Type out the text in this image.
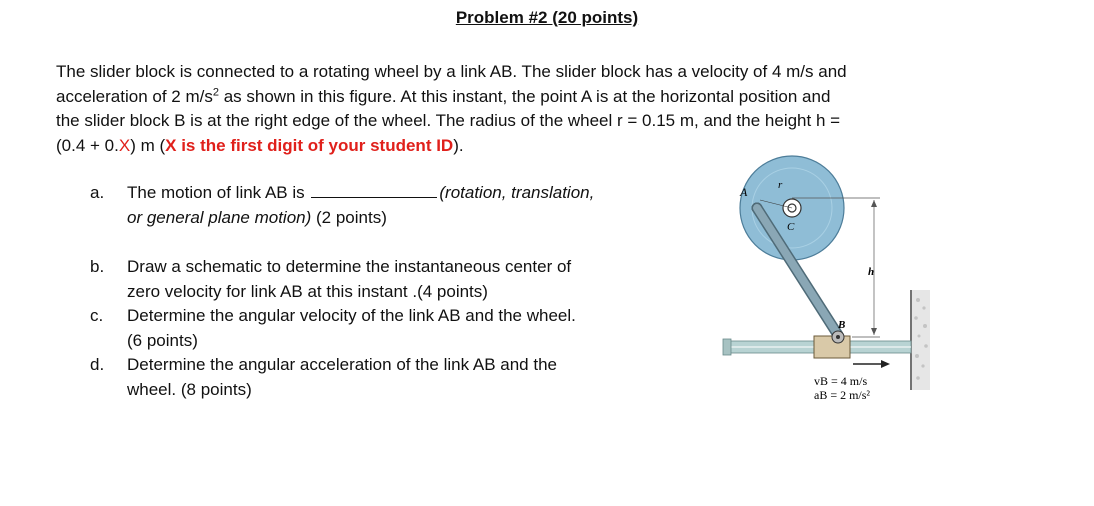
Problem #2 (20 points)
The slider block is connected to a rotating wheel by a link AB. The slider block has a velocity of 4 m/s and
acceleration of 2 $m/s^2$ as shown in this figure. At this instant, the point A is at the horizontal position and
the slider block B is at the right edge of the wheel. The radius of the wheel r = 0.15 m, and the height h =
(0.4 + 0.X) m (X is the first digit of your student ID).
a. The motion of link AB is	(rotation, translation,
or general plane motion) (2 points)
b. Draw a schematic to determine the instantaneous center of
zero velocity for link AB at this instant .(4 points)
c. Determine the angular velocity of the link AB and the wheel.
(6 points)
d. Determine the angular acceleration of the link AB and the
wheel. (8 points)
A	r
C
h
B
vB = 4 m/s
aB = 2 m/s²
